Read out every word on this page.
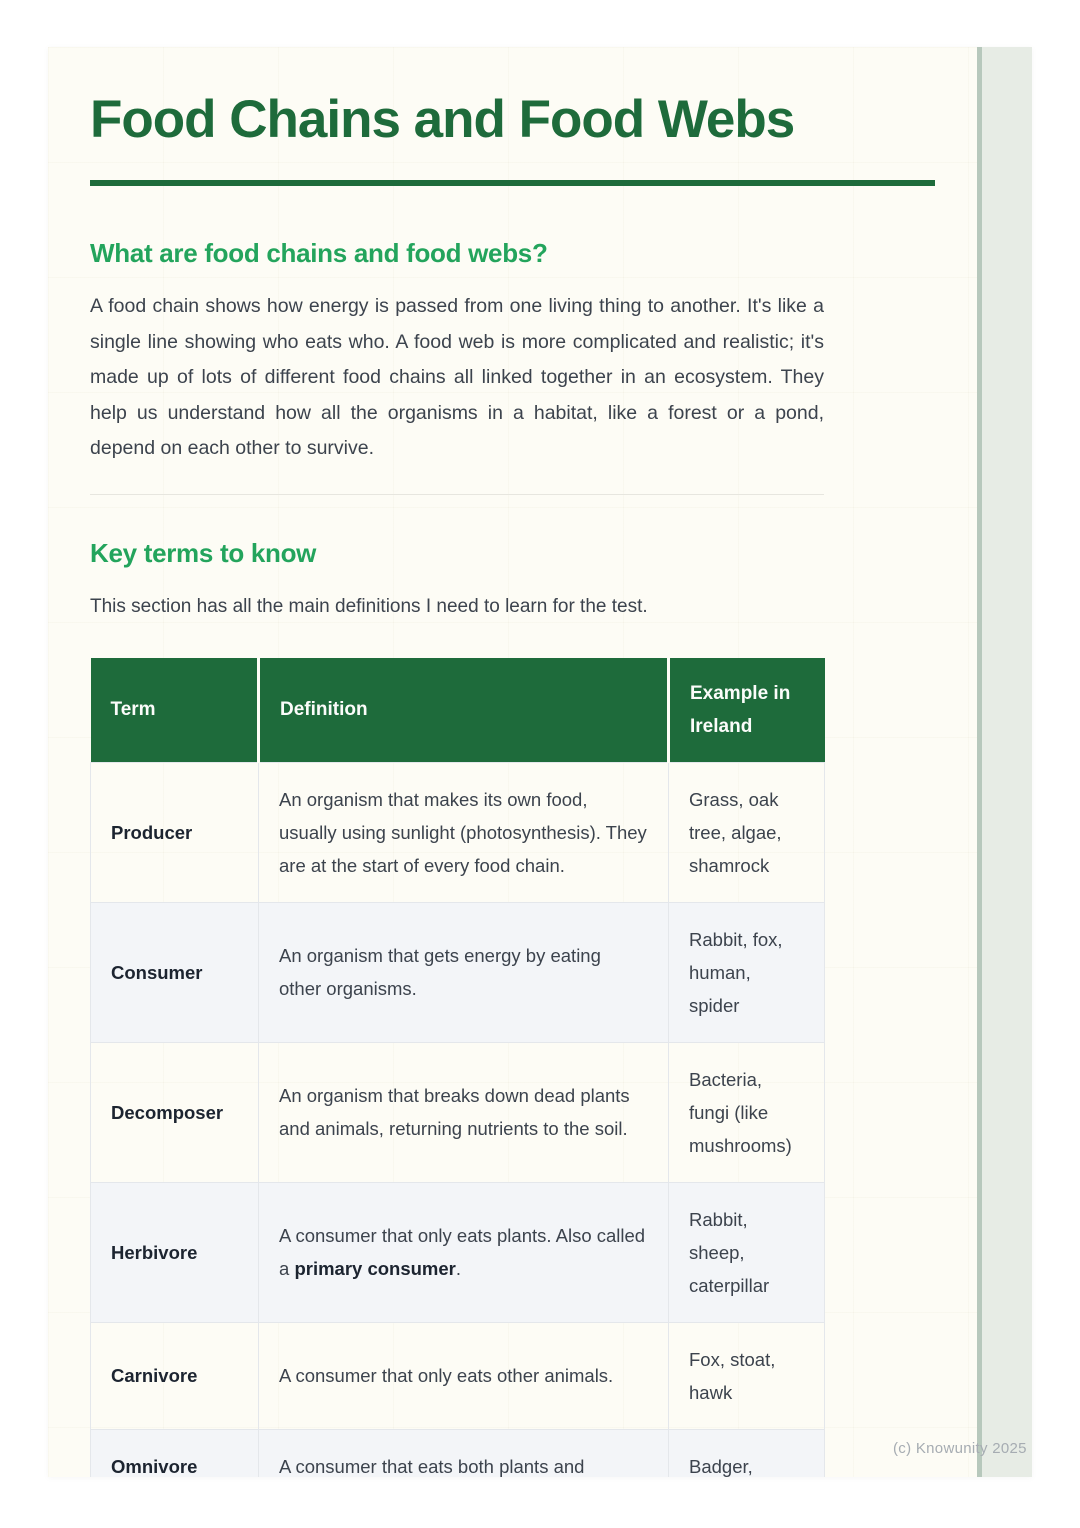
Food Chains and Food Webs
What are food chains and food webs?

A food chain shows how energy is passed from one living thing to another. It's like a single line showing who eats who. A food web is more complicated and realistic; it's made up of lots of different food chains all linked together in an ecosystem. They help us understand how all the organisms in a habitat, like a forest or a pond, depend on each other to survive.

Key terms to know

This section has all the main definitions I need to learn for the test.

Term	Definition	Example in Ireland
Producer	An organism that makes its own food, usually using sunlight (photosynthesis). They are at the start of every food chain.	Grass, oak tree, algae, shamrock
Consumer	An organism that gets energy by eating other organisms.	Rabbit, fox, human, spider
Decomposer	An organism that breaks down dead plants and animals, returning nutrients to the soil.	Bacteria, fungi (like mushrooms)
Herbivore	A consumer that only eats plants. Also called a primary consumer.	Rabbit, sheep, caterpillar
Carnivore	A consumer that only eats other animals.	Fox, stoat, hawk
Omnivore	A consumer that eats both plants and	Badger,
(c) Knowunity 2025
